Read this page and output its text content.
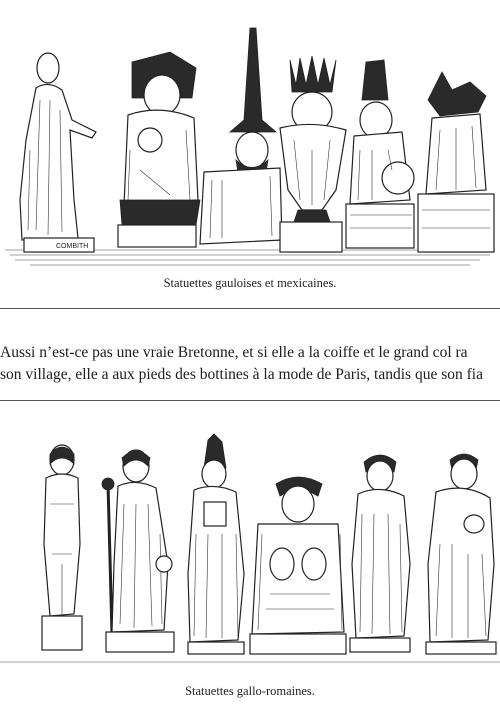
COMBITH
Statuettes gauloises et mexicaines.
Aussi n’est-ce pas une vraie Bretonne, et si elle a la coiffe et le grand col ra
son village, elle a aux pieds des bottines à la mode de Paris, tandis que son fia
Statuettes gallo-romaines.
